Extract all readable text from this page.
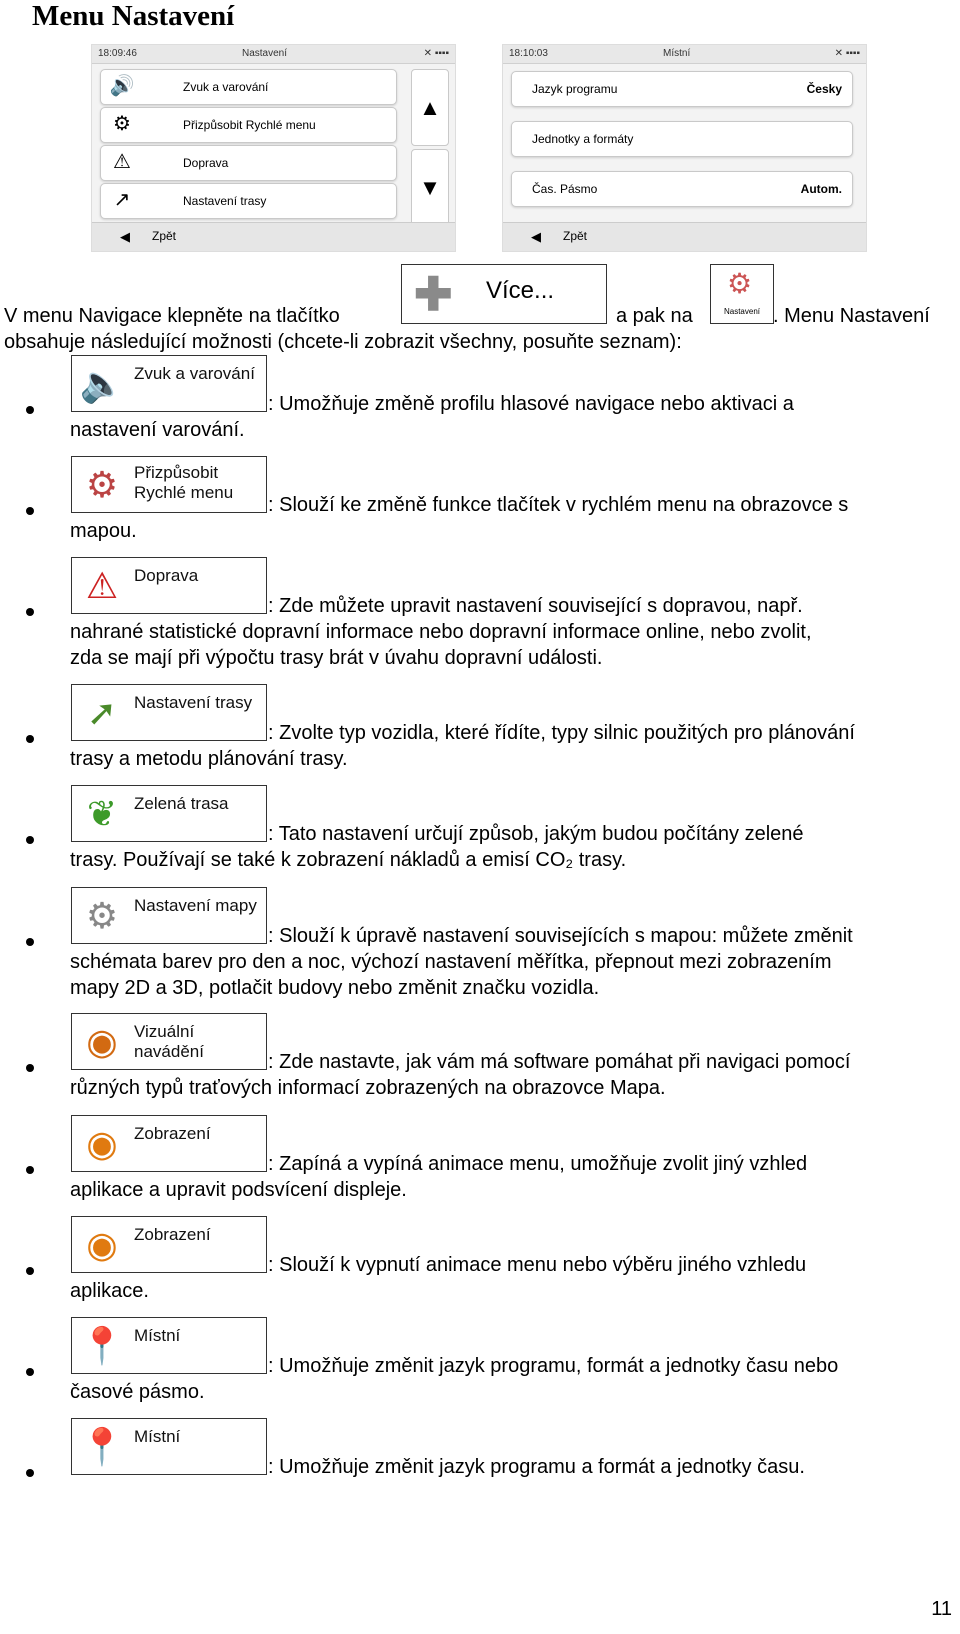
Menu Nastavení
18:09:46	Nastavení	✕ ▪▪▪▪
🔊	Zvuk a varování
⚙	Přizpůsobit Rychlé menu
⚠	Doprava
↗	Nastavení trasy
▲
▼
◀ Zpět
18:10:03	Místní	✕ ▪▪▪▪
Jazyk programu	Česky
Jednotky a formáty
Čas. Pásmo	Autom.
◀ Zpět
V menu Navigace klepněte na tlačítko ✚ Více...
a pak na
⚙
Nastavení . Menu Nastavení
obsahuje následující možnosti (chcete-li zobrazit všechny, posuňte seznam):
🔈 Zvuk a varování
: Umožňuje změně profilu hlasové navigace nebo aktivaci a
nastavení varování.
⚙ Přizpůsobit Rychlé menu
: Slouží ke změně funkce tlačítek v rychlém menu na obrazovce s
mapou.
⚠ Doprava
: Zde můžete upravit nastavení související s dopravou, např.
nahrané statistické dopravní informace nebo dopravní informace online, nebo zvolit,
zda se mají při výpočtu trasy brát v úvahu dopravní události.
➚ Nastavení trasy
: Zvolte typ vozidla, které řídíte, typy silnic použitých pro plánování
trasy a metodu plánování trasy.
❦ Zelená trasa
: Tato nastavení určují způsob, jakým budou počítány zelené
trasy. Používají se také k zobrazení nákladů a emisí CO₂ trasy.
⚙ Nastavení mapy
: Slouží k úpravě nastavení souvisejících s mapou: můžete změnit
schémata barev pro den a noc, výchozí nastavení měřítka, přepnout mezi zobrazením
mapy 2D a 3D, potlačit budovy nebo změnit značku vozidla.
◉ Vizuální navádění	: Zde nastavte, jak vám má software pomáhat při navigaci pomocí
různých typů traťových informací zobrazených na obrazovce Mapa.
◉ Zobrazení
: Zapíná a vypíná animace menu, umožňuje zvolit jiný vzhled
aplikace a upravit podsvícení displeje.
◉ Zobrazení
: Slouží k vypnutí animace menu nebo výběru jiného vzhledu
aplikace.
📍 Místní
: Umožňuje změnit jazyk programu, formát a jednotky času nebo
časové pásmo.
📍 Místní
: Umožňuje změnit jazyk programu a formát a jednotky času.
11
